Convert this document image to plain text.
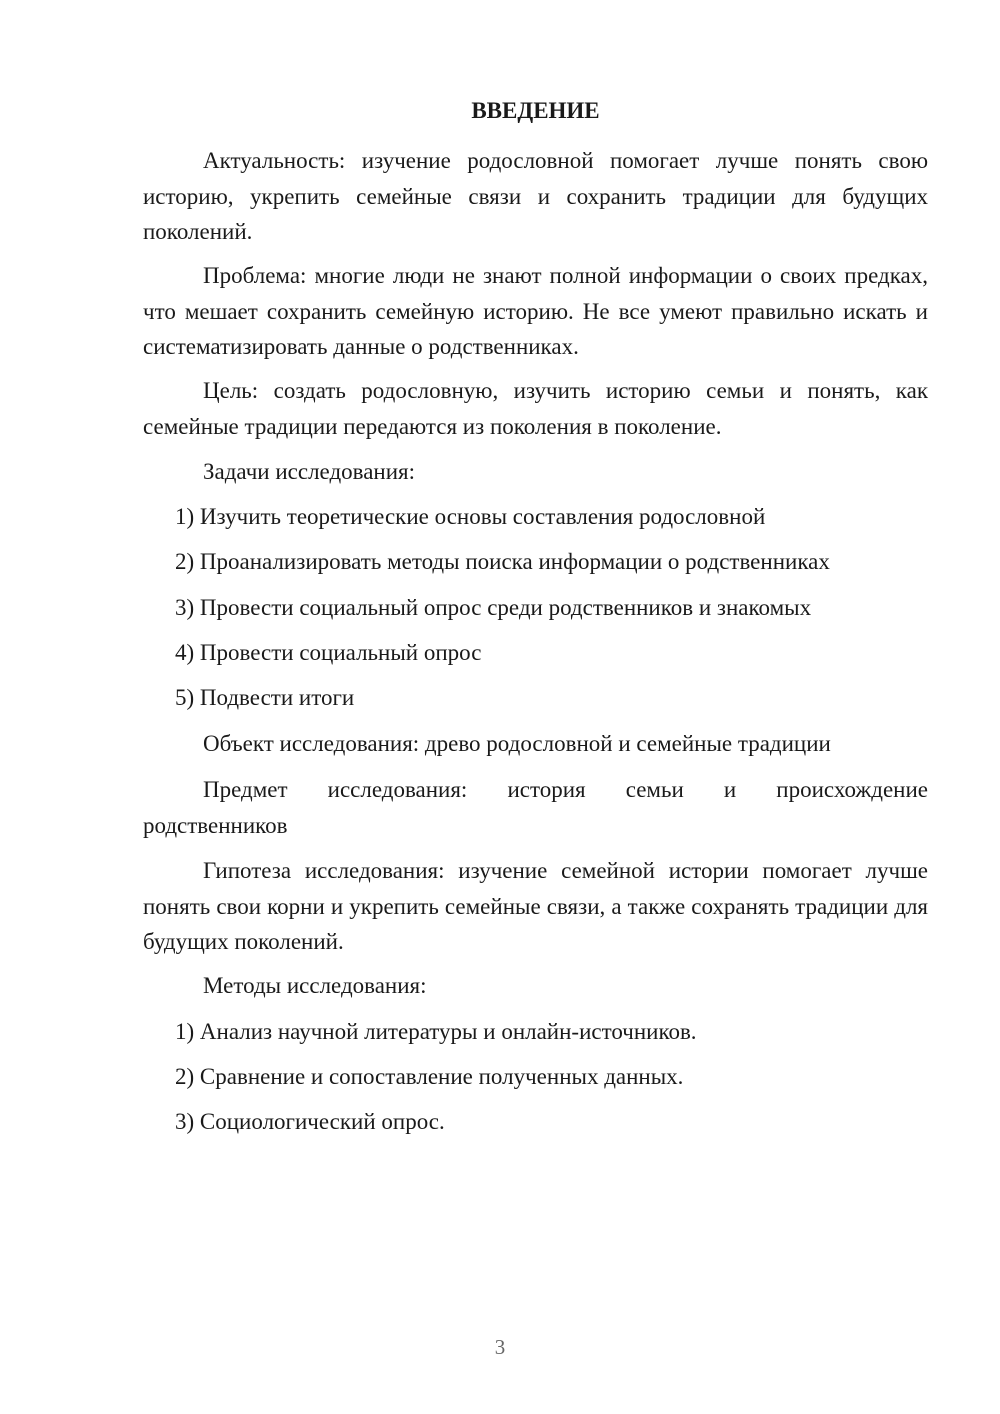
ВВЕДЕНИЕ

Актуальность: изучение родословной помогает лучше понять свою историю, укрепить семейные связи и сохранить традиции для будущих поколений.

Проблема: многие люди не знают полной информации о своих предках, что мешает сохранить семейную историю. Не все умеют правильно искать и систематизировать данные о родственниках.

Цель: создать родословную, изучить историю семьи и понять, как семейные традиции передаются из поколения в поколение.

Задачи исследования:

1) Изучить теоретические основы составления родословной

2) Проанализировать методы поиска информации о родственниках

3) Провести социальный опрос среди родственников и знакомых

4) Провести социальный опрос

5) Подвести итоги

Объект исследования: древо родословной и семейные традиции

Предмет исследования: история семьи и происхождение

родственников

Гипотеза исследования: изучение семейной истории помогает лучше понять свои корни и укрепить семейные связи, а также сохранять традиции для будущих поколений.

Методы исследования:

1) Анализ научной литературы и онлайн-источников.

2) Сравнение и сопоставление полученных данных.

3) Социологический опрос.

3
